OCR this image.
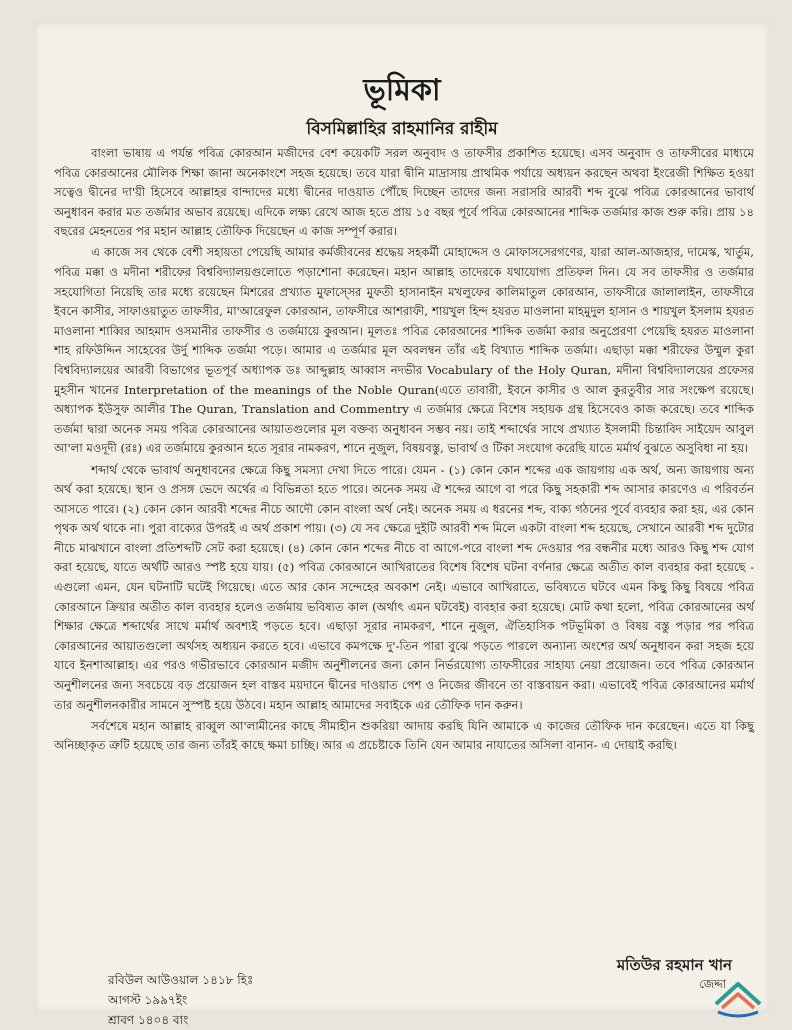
ভূমিকা
বিসমিল্লাহির রাহমানির রাহীম

বাংলা ভাষায় এ পর্যন্ত পবিত্র কোরআন মজীদের বেশ কয়েকটি সরল অনুবাদ ও তাফসীর প্রকাশিত হয়েছে। এসব অনুবাদ ও তাফসীরের মাধ্যমে পবিত্র কোরআনের মৌলিক শিক্ষা জানা অনেকাংশে সহজ হয়েছে। তবে যারা দ্বীনি মাদ্রাসায় প্রাথমিক পর্যায়ে অধ্যয়ন করছেন অথবা ইংরেজী শিক্ষিত হওয়া সত্বেও দ্বীনের দা'য়ী হিসেবে আল্লাহর বান্দাদের মধ্যে দ্বীনের দাওয়াত পৌঁছে দিচ্ছেন তাদের জন্য সরাসরি আরবী শব্দ বুঝে পবিত্র কোরআনের ভাবার্থ অনুধাবন করার মত তর্জমার অভাব রয়েছে। এদিকে লক্ষ্য রেখে আজ হতে প্রায় ১৫ বছর পূর্বে পবিত্র কোরআনের শাব্দিক তর্জমার কাজ শুরু করি। প্রায় ১৪ বছরের মেহনতের পর মহান আল্লাহ তৌফিক দিয়েছেন এ কাজ সম্পূর্ণ করার।

এ কাজে সব থেকে বেশী সহায়তা পেয়েছি আমার কর্মজীবনের শ্রদ্ধেয় সহকর্মী মোহাদ্দেস ও মোফাসসেরগণের, যারা আল-আজহার, দামেস্ক, খার্তুম, পবিত্র মক্কা ও মদীনা শরীফের বিশ্ববিদ্যালয়গুলোতে পড়াশোনা করেছেন। মহান আল্লাহ তাদেরকে যথাযোগ্য প্রতিফল দিন। যে সব তাফসীর ও তর্জমার সহযোগিতা নিয়েছি তার মধ্যে রয়েছেন মিশরের প্রখ্যাত মুফাস্সের মুফতী হাসানাইন মখলুফের কালিমাতুল কোরআন, তাফসীরে জালালাইন, তাফসীরে ইবনে কাসীর, সাফাওয়াতুত তাফসীর, মা'আরেফুল কোরআন, তাফসীরে আশরাফী, শায়খুল হিন্দ হযরত মাওলানা মাহমুদুল হাসান ও শায়খুল ইসলাম হযরত মাওলানা শাব্বির আহমাদ ওসমানীর তাফসীর ও তর্জমায়ে কুরআন। মূলতঃ পবিত্র কোরআনের শাব্দিক তর্জমা করার অনুপ্রেরণা পেয়েছি হযরত মাওলানা শাহ রফিউদ্দিন সাহেবের উর্দু শাব্দিক তর্জমা পড়ে। আমার এ তর্জমার মূল অবলম্বন তাঁর এই বিখ্যাত শাব্দিক তর্জমা। এছাড়া মক্কা শরীফের উম্মুল কুরা বিশ্ববিদ্যালয়ের আরবী বিভাগের ভূতপূর্ব অধ্যাপক ডঃ আব্দুল্লাহ আব্বাস নদভীর Vocabulary of the Holy Quran, মদীনা বিশ্ববিদ্যালয়ের প্রফেসর মুহসীন খানের Interpretation of the meanings of the Noble Quran(এতে তাবারী, ইবনে কাসীর ও আল কুরতুবীর সার সংক্ষেপ রয়েছে। অধ্যাপক ইউসুফ আলীর The Quran, Translation and Commentry এ তর্জমার ক্ষেত্রে বিশেষ সহায়ক গ্রন্থ হিসেবেও কাজ করেছে। তবে শাব্দিক তর্জমা দ্বারা অনেক সময় পবিত্র কোরআনের আয়াতগুলোর মূল বক্তব্য অনুধাবন সম্ভব নয়। তাই শব্দার্থের সাথে প্রখ্যাত ইসলামী চিন্তাবিদ সাইয়েদ আবুল আ'লা মওদূদী (রঃ) এর তর্জমায়ে কুরআন হতে সূরার নামকরণ, শানে নুজুল, বিষয়বস্তু, ভাবার্থ ও টিকা সংযোগ করেছি যাতে মর্মার্থ বুঝতে অসুবিধা না হয়।

শব্দার্থ থেকে ভাবার্থ অনুধাবনের ক্ষেত্রে কিছু সমস্যা দেখা দিতে পারে। যেমন - (১) কোন কোন শব্দের এক জায়গায় এক অর্থ, অন্য জায়গায় অন্য অর্থ করা হয়েছে। স্থান ও প্রসঙ্গ ভেদে অর্থের এ বিভিন্নতা হতে পারে। অনেক সময় ঐ শব্দের আগে বা পরে কিছু সহকারী শব্দ আসার কারণেও এ পরিবর্তন আসতে পারে। (২) কোন কোন আরবী শব্দের নীচে আদৌ কোন বাংলা অর্থ নেই। অনেক সময় এ ধরনের শব্দ, বাক্য গঠনের পূর্বে ব্যবহার করা হয়, এর কোন পৃথক অর্থ থাকে না। পুরা বাক্যের উপরই এ অর্থ প্রকাশ পায়। (৩) যে সব ক্ষেত্রে দুইটি আরবী শব্দ মিলে একটা বাংলা শব্দ হয়েছে, সেখানে আরবী শব্দ দুটোর নীচে মাঝখানে বাংলা প্রতিশব্দটি সেট করা হয়েছে। (৪) কোন কোন শব্দের নীচে বা আগে-পরে বাংলা শব্দ দেওয়ার পর বন্ধনীর মধ্যে আরও কিছু শব্দ যোগ করা হয়েছে, যাতে অর্থটি আরও স্পষ্ট হয়ে যায়। (৫) পবিত্র কোরআনে আখিরাতের বিশেষ বিশেষ ঘটনা বর্ণনার ক্ষেত্রে অতীত কাল ব্যবহার করা হয়েছে - এগুলো এমন, যেন ঘটনাটি ঘটেই গিয়েছে। এতে আর কোন সন্দেহের অবকাশ নেই। এভাবে আখিরাতে, ভবিষ্যতে ঘটবে এমন কিছু কিছু বিষয়ে পবিত্র কোরআনে ক্রিয়ার অতীত কাল ব্যবহার হলেও তর্জমায় ভবিষ্যত কাল (অর্থাৎ এমন ঘটবেই) ব্যবহার করা হয়েছে। মোট কথা হলো, পবিত্র কোরআনের অর্থ শিক্ষার ক্ষেত্রে শব্দার্থের সাথে মর্মার্থ অবশ্যই পড়তে হবে। এছাড়া সূরার নামকরণ, শানে নুজুল, ঐতিহাসিক পটভূমিকা ও বিষয় বস্তু পড়ার পর পবিত্র কোরআনের আয়াতগুলো অর্থসহ অধ্যয়ন করতে হবে। এভাবে কমপক্ষে দু'-তিন পারা বুঝে পড়তে পারলে অন্যান্য অংশের অর্থ অনুধাবন করা সহজ হয়ে যাবে ইনশাআল্লাহ। এর পরও গভীরভাবে কোরআন মজীদ অনুশীলনের জন্য কোন নির্ভরযোগ্য তাফসীরের সাহায্য নেয়া প্রয়োজন। তবে পবিত্র কোরআন অনুশীলনের জন্য সবচেয়ে বড় প্রয়োজন হল বাস্তব ময়দানে দ্বীনের দাওয়াত পেশ ও নিজের জীবনে তা বাস্তবায়ন করা। এভাবেই পবিত্র কোরআনের মর্মার্থ তার অনুশীলনকারীর সামনে সুস্পষ্ট হয়ে উঠবে। মহান আল্লাহ আমাদের সবাইকে এর তৌফিক দান করুন।

সর্বশেষে মহান আল্লাহ রাব্বুল আ'লামীনের কাছে সীমাহীন শুকরিয়া আদায় করছি যিনি আমাকে এ কাজের তৌফিক দান করেছেন। এতে যা কিছু অনিচ্ছাকৃত ত্রুটি হয়েছে তার জন্য তাঁরই কাছে ক্ষমা চাচ্ছি। আর এ প্রচেষ্টাকে তিনি যেন আমার নাযাতের অসিলা বানান- এ দোয়াই করছি।

মতিউর রহমান খান
জেদ্দা
রবিউল আউওয়াল ১৪১৮ হিঃ
আগস্ট ১৯৯৭ইং
শ্রাবণ ১৪০৪ বাং
